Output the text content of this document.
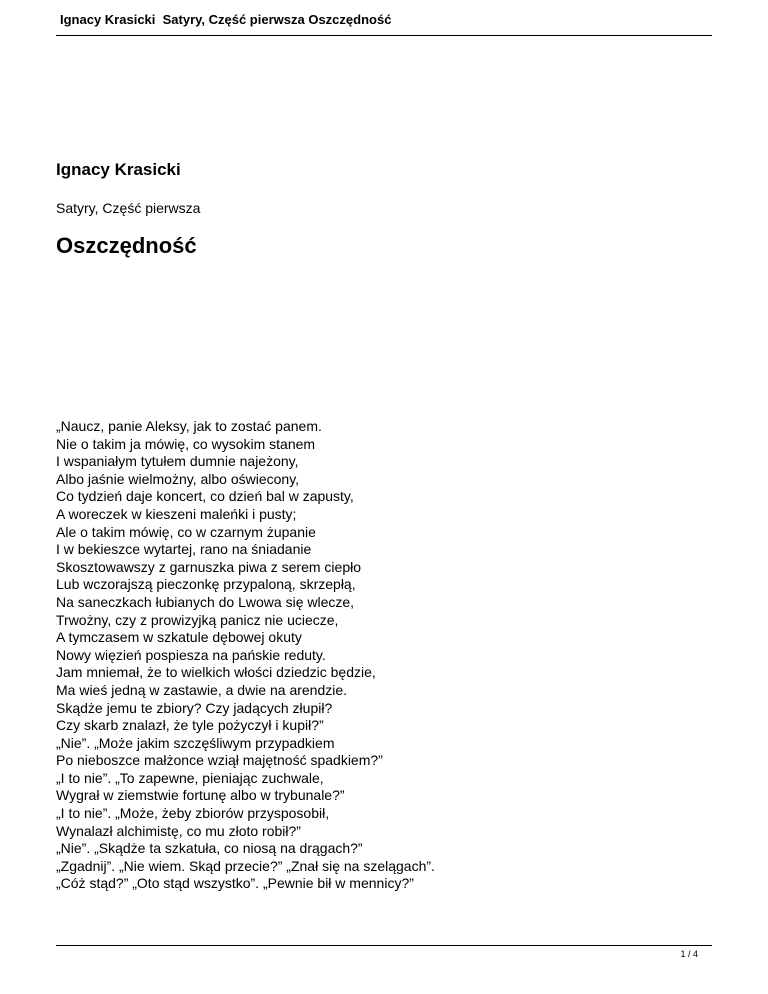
Ignacy Krasicki  Satyry, Część pierwsza Oszczędność
Ignacy Krasicki
Satyry, Część pierwsza
Oszczędność
„Naucz, panie Aleksy, jak to zostać panem.
Nie o takim ja mówię, co wysokim stanem
I wspaniałym tytułem dumnie najeżony,
Albo jaśnie wielmożny, albo oświecony,
Co tydzień daje koncert, co dzień bal w zapusty,
A woreczek w kieszeni maleńki i pusty;
Ale o takim mówię, co w czarnym żupanie
I w bekieszce wytartej, rano na śniadanie
Skosztowawszy z garnuszka piwa z serem ciepło
Lub wczorajszą pieczonkę przypaloną, skrzepłą,
Na saneczkach łubianych do Lwowa się wlecze,
Trwożny, czy z prowizyjką panicz nie uciecze,
A tymczasem w szkatule dębowej okuty
Nowy więzień pospiesza na pańskie reduty.
Jam mniemał, że to wielkich włości dziedzic będzie,
Ma wieś jedną w zastawie, a dwie na arendzie.
Skądże jemu te zbiory? Czy jadących złupił?
Czy skarb znalazł, że tyle pożyczył i kupił?”
„Nie”. „Może jakim szczęśliwym przypadkiem
Po nieboszce małżonce wziął majętność spadkiem?”
„I to nie”. „To zapewne, pieniając zuchwale,
Wygrał w ziemstwie fortunę albo w trybunale?”
„I to nie”. „Może, żeby zbiorów przysposobił,
Wynalazł alchimistę, co mu złoto robił?”
„Nie”. „Skądże ta szkatuła, co niosą na drągach?”
„Zgadnij”. „Nie wiem. Skąd przecie?” „Znał się na szelągach”.
„Cóż stąd?” „Oto stąd wszystko”. „Pewnie bił w mennicy?”
1 / 4
